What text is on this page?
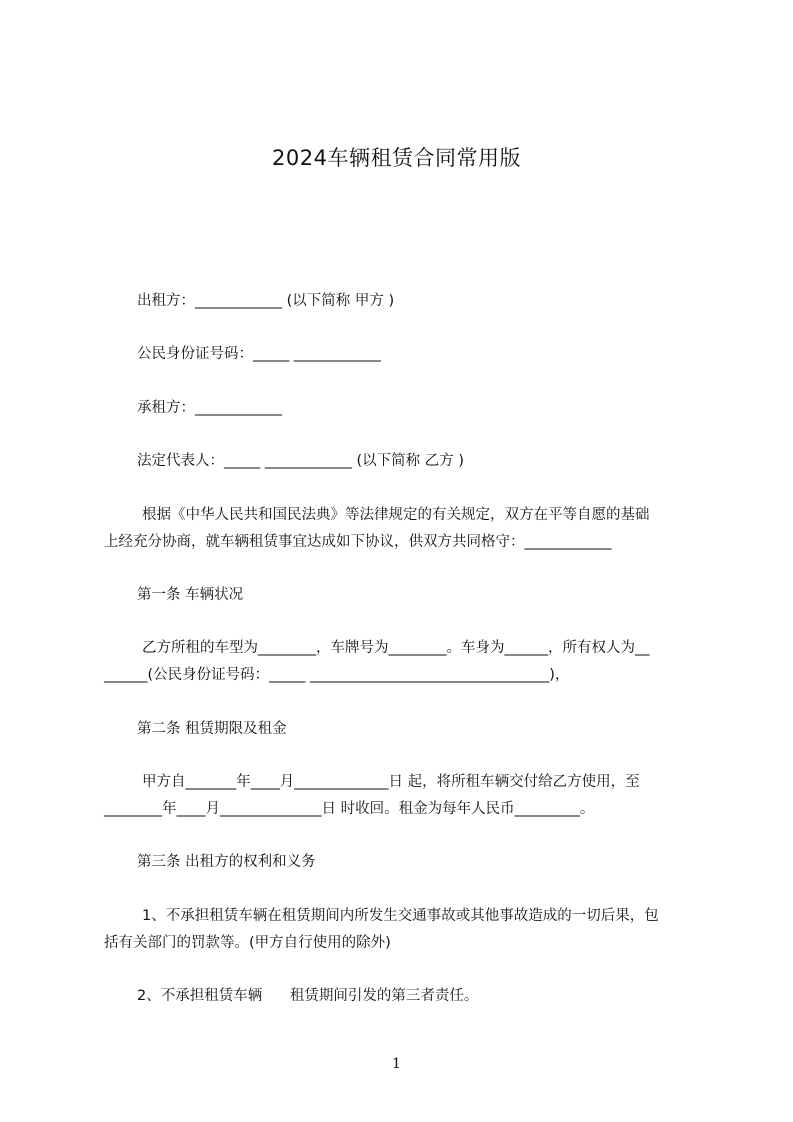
2024车辆租赁合同常用版
出租方：____________ (以下简称 甲方 )
公民身份证号码：_____ ____________
承租方：____________
法定代表人：_____ ____________ (以下简称 乙方 )
根据《中华人民共和国民法典》等法律规定的有关规定，双方在平等自愿的基础
上经充分协商，就车辆租赁事宜达成如下协议，供双方共同格守：____________
第一条 车辆状况
乙方所租的车型为________，车牌号为________。车身为______，所有权人为__
______(公民身份证号码：_____ _________________________________)，
第二条 租赁期限及租金
甲方自_______年____月_____________日 起，将所租车辆交付给乙方使用，至
________年____月______________日 时收回。租金为每年人民币_________。
第三条 出租方的权利和义务
1、不承担租赁车辆在租赁期间内所发生交通事故或其他事故造成的一切后果，包
括有关部门的罚款等。(甲方自行使用的除外)
2、不承担租赁车辆      租赁期间引发的第三者责任。
1
